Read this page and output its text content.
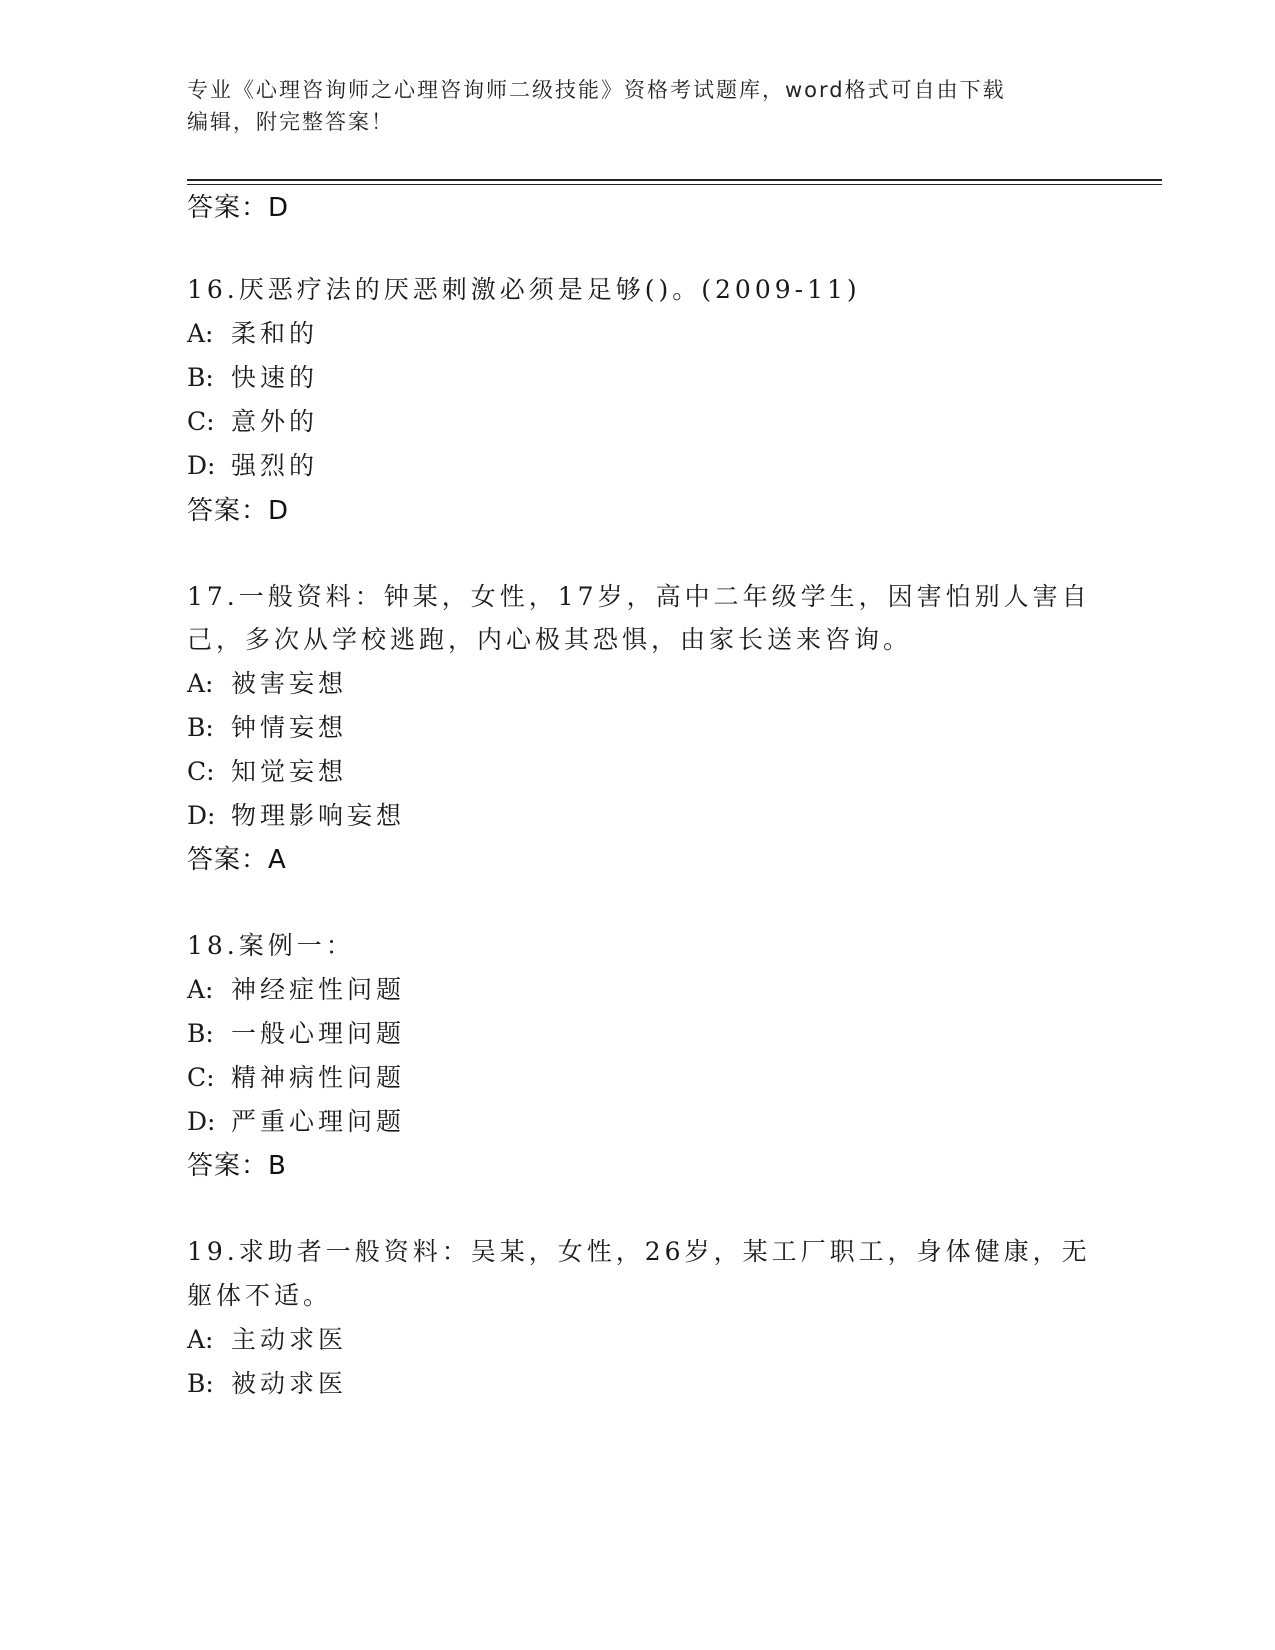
专业《心理咨询师之心理咨询师二级技能》资格考试题库，word格式可自由下载
编辑，附完整答案！
答案：D
16.厌恶疗法的厌恶刺激必须是足够()。(2009-11)
A: 柔和的
B: 快速的
C: 意外的
D: 强烈的
答案：D
17.一般资料：钟某，女性，17岁，高中二年级学生，因害怕别人害自
己，多次从学校逃跑，内心极其恐惧，由家长送来咨询。
A: 被害妄想
B: 钟情妄想
C: 知觉妄想
D: 物理影响妄想
答案：A
18.案例一：
A: 神经症性问题
B: 一般心理问题
C: 精神病性问题
D: 严重心理问题
答案：B
19.求助者一般资料：吴某，女性，26岁，某工厂职工，身体健康，无
躯体不适。
A: 主动求医
B: 被动求医
